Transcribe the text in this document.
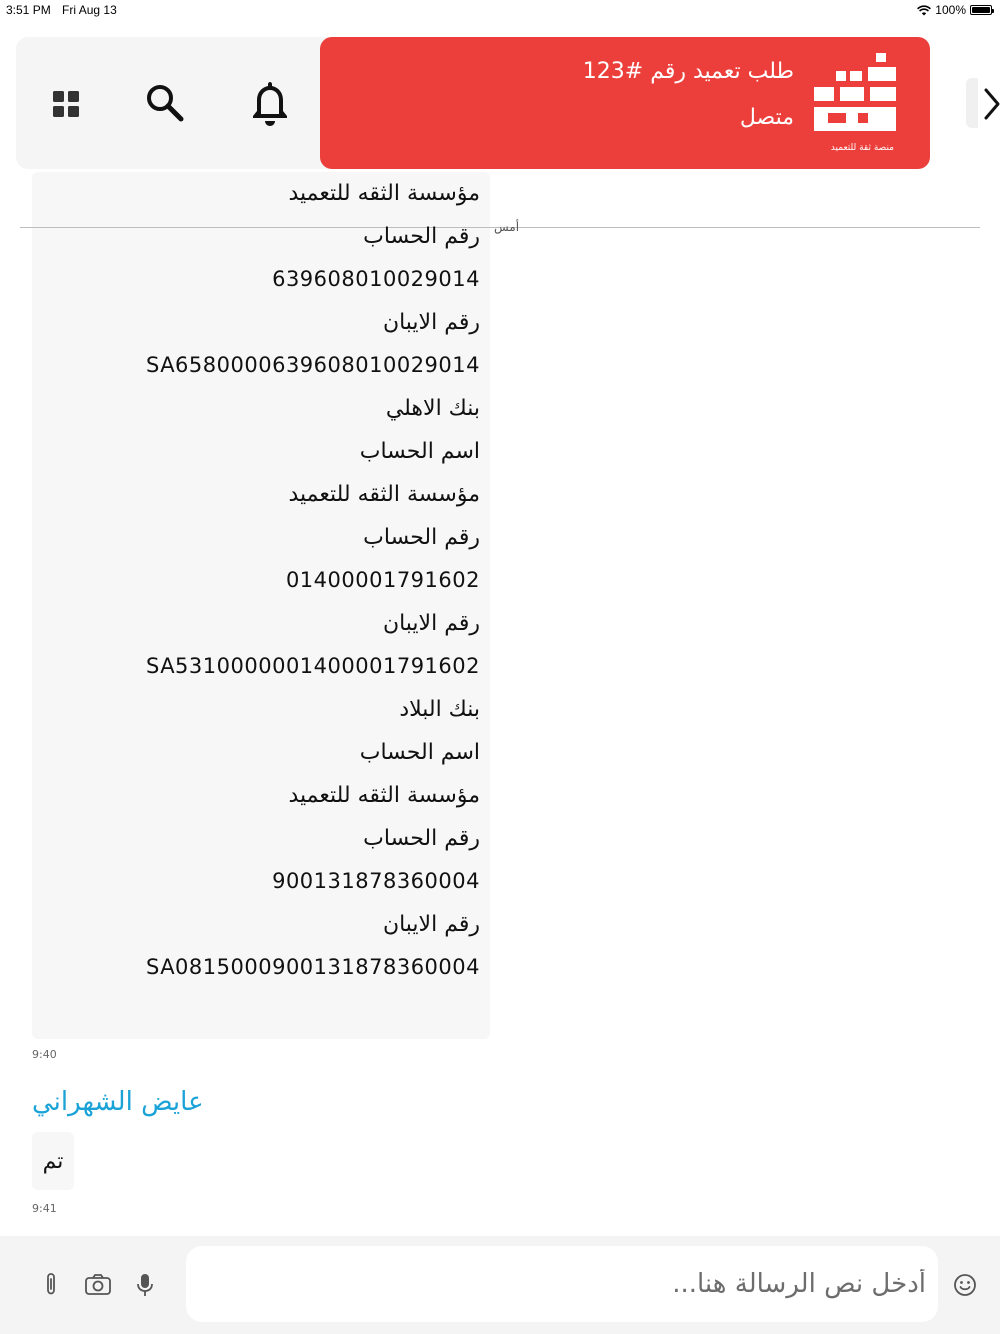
3:51 PM Fri Aug 13	100%
أمس
مؤسسة الثقه للتعميد
رقم الحساب
639608010029014
رقم الايبان
SA6580000639608010029014
بنك الاهلي
اسم الحساب
مؤسسة الثقه للتعميد
رقم الحساب
01400001791602
رقم الايبان
SA5310000001400001791602
بنك البلاد
اسم الحساب
مؤسسة الثقه للتعميد
رقم الحساب
900131878360004
رقم الايبان
SA0815000900131878360004
9:40
عايض الشهراني
تم
9:41
طلب تعميد رقم #123
متصل
منصة ثقة للتعميد
أدخل نص الرسالة هنا...
